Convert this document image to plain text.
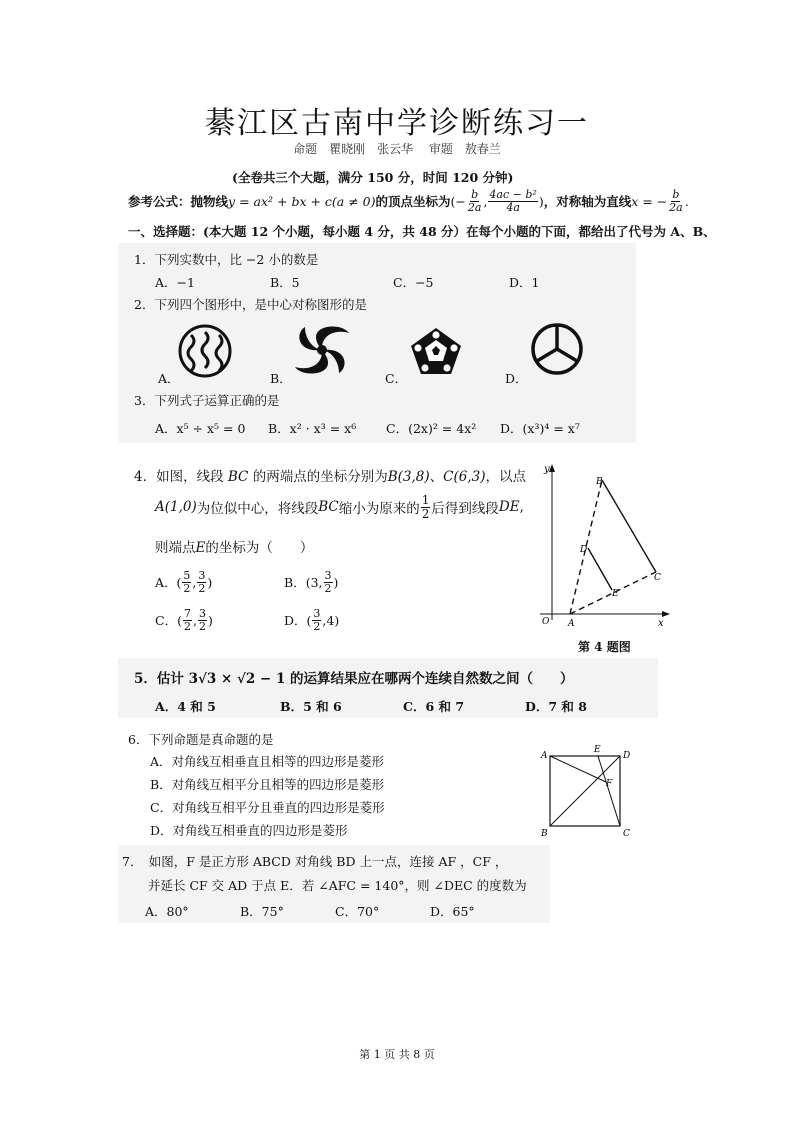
綦江区古南中学诊断练习一
命题　瞿晓刚　张云华　 审题　敖春兰
(全卷共三个大题，满分 150 分，时间 120 分钟)
参考公式： 抛物线 y = ax² + bx + c(a ≠ 0) 的顶点坐标为 (− $\frac{b}{2a}$ , $\frac{\text{4ac − b²}}{4a}$ ) ，对称轴为直线 x = − $\frac{b}{2a}$ .
一、选择题：(本大题 12 个小题，每小题 4 分，共 48 分）在每个小题的下面，都给出了代号为 A、B、
1．下列实数中，比 −2 小的数是
A．−1	B．5	C．−5	D．1
2．下列四个图形中，是中心对称图形的是
A．	B．	C．	D．
3．下列式子运算正确的是
A．x⁵ ÷ x⁵ = 0 B．x² · x³ = x⁶ C．(2x)² = 4x² D．(x³)⁴ = x⁷
4．如图，线段 BC 的两端点的坐标分别为B(3,8)、C(6,3)，以点
A(1,0) 为位似中心，将线段 BC 缩小为原来的 $\frac{1}{2}$ 后得到线段 DE ,
则端点E的坐标为（　　）
A． ( $\frac{5}{2}$ , $\frac{3}{2}$ )	B． ( 3, $\frac{3}{2}$ )
C． ( $\frac{7}{2}$ , $\frac{3}{2}$ )	D． ( $\frac{3}{2} ,4$)
y
x
O A
B
C
D
E
第 4 题图
5．估计 3√3 × √2 − 1 的运算结果应在哪两个连续自然数之间（　　）
A．4 和 5	B．5 和 6	C．6 和 7	D．7 和 8
6．下列命题是真命题的是
A．对角线互相垂直且相等的四边形是菱形
B．对角线互相平分且相等的四边形是菱形
C．对角线互相平分且垂直的四边形是菱形
D．对角线互相垂直的四边形是菱形
A
E
D
F
B	C
7．　如图，F 是正方形 ABCD 对角线 BD 上一点，连接 AF ，CF ，
并延长 CF 交 AD 于点 E．若 ∠AFC = 140°，则 ∠DEC 的度数为
A．80°	B．75°	C．70°	D．65°
第 1 页 共 8 页
